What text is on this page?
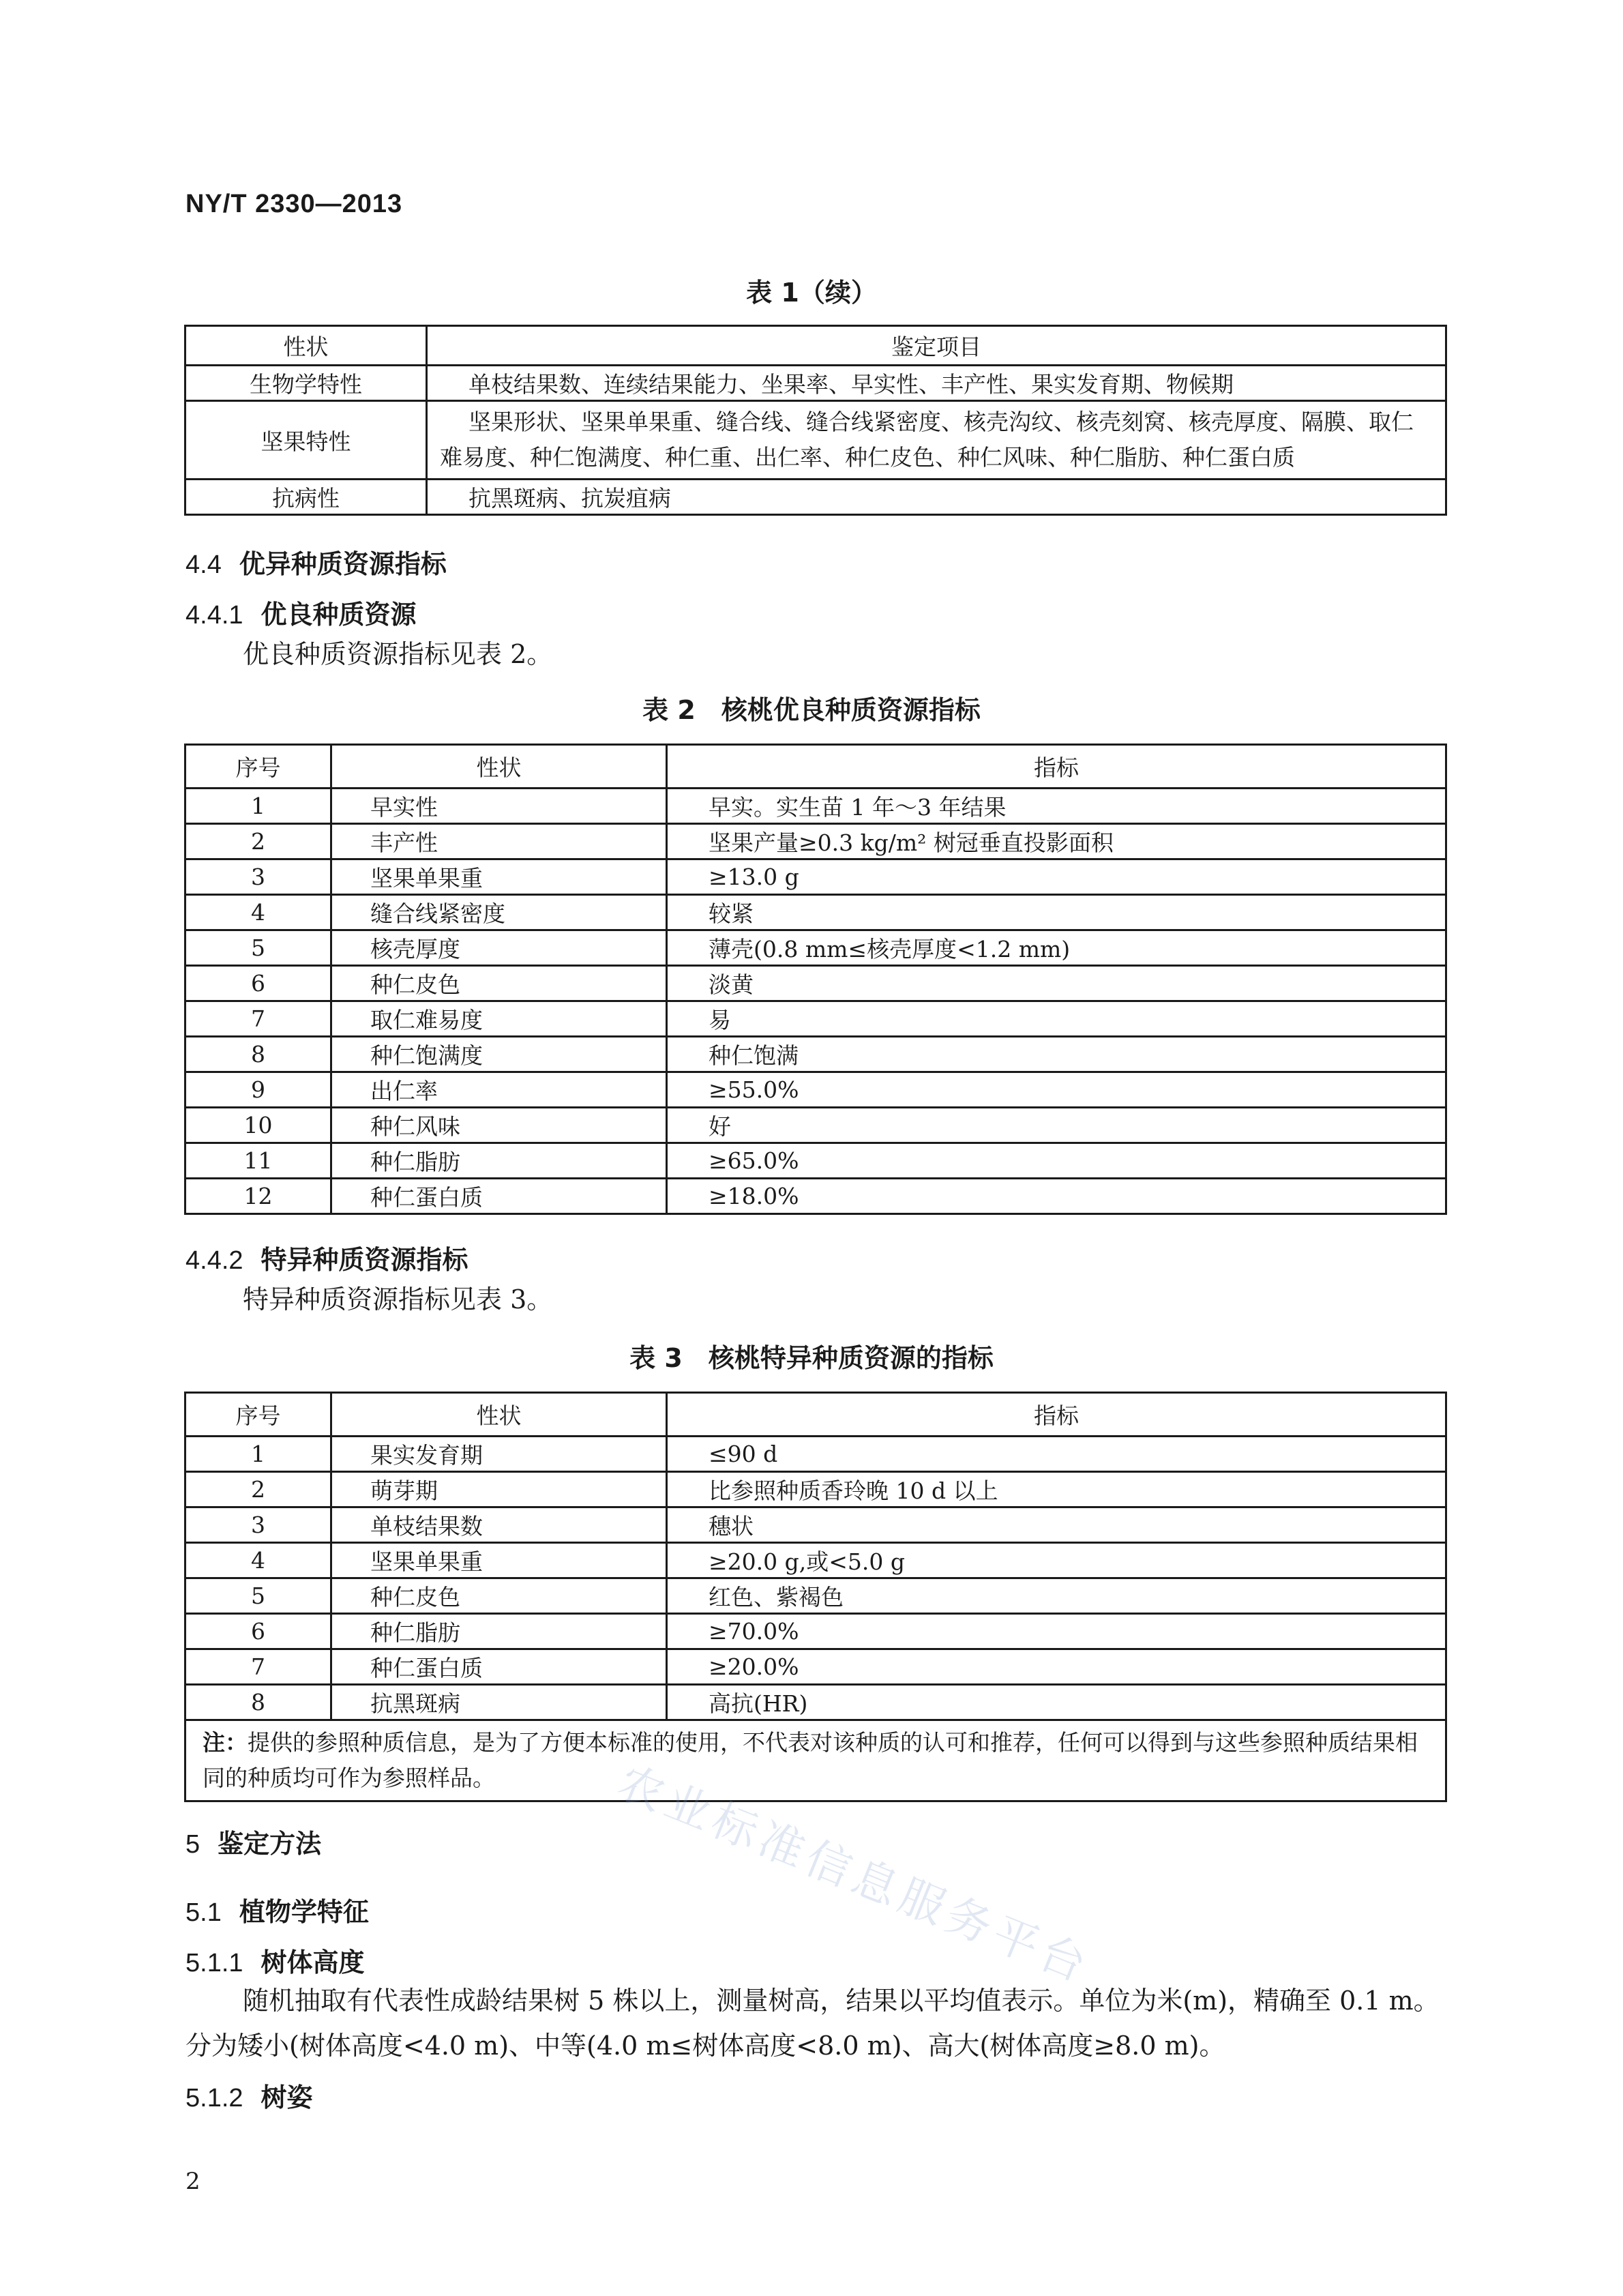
NY/T 2330—2013
表 1（续）
性状	鉴定项目
生物学特性	单枝结果数、连续结果能力、坐果率、早实性、丰产性、果实发育期、物候期
坚果特性	坚果形状、坚果单果重、缝合线、缝合线紧密度、核壳沟纹、核壳刻窝、核壳厚度、隔膜、取仁难易度、种仁饱满度、种仁重、出仁率、种仁皮色、种仁风味、种仁脂肪、种仁蛋白质
抗病性	抗黑斑病、抗炭疽病
4.4 优异种质资源指标
4.4.1 优良种质资源
优良种质资源指标见表 2。
表 2　核桃优良种质资源指标
序号	性状	指标
1	早实性	早实。实生苗 1 年～3 年结果
2	丰产性	坚果产量≥0.3 kg/m² 树冠垂直投影面积
3	坚果单果重	≥13.0 g
4	缝合线紧密度	较紧
5	核壳厚度	薄壳(0.8 mm≤核壳厚度<1.2 mm)
6	种仁皮色	淡黄
7	取仁难易度	易
8	种仁饱满度	种仁饱满
9	出仁率	≥55.0%
10	种仁风味	好
11	种仁脂肪	≥65.0%
12	种仁蛋白质	≥18.0%
4.4.2 特异种质资源指标
特异种质资源指标见表 3。
表 3　核桃特异种质资源的指标
序号	性状	指标
1	果实发育期	≤90 d
2	萌芽期	比参照种质香玲晚 10 d 以上
3	单枝结果数	穗状
4	坚果单果重	≥20.0 g,或<5.0 g
5	种仁皮色	红色、紫褐色
6	种仁脂肪	≥70.0%
7	种仁蛋白质	≥20.0%
8	抗黑斑病	高抗(HR)
注：提供的参照种质信息，是为了方便本标准的使用，不代表对该种质的认可和推荐，任何可以得到与这些参照种质结果相同的种质均可作为参照样品。		
5 鉴定方法
5.1 植物学特征
5.1.1 树体高度
随机抽取有代表性成龄结果树 5 株以上，测量树高，结果以平均值表示。单位为米(m)，精确至 0.1 m。分为矮小(树体高度<4.0 m)、中等(4.0 m≤树体高度<8.0 m)、高大(树体高度≥8.0 m)。
5.1.2 树姿
2
农业标准信息服务平台
